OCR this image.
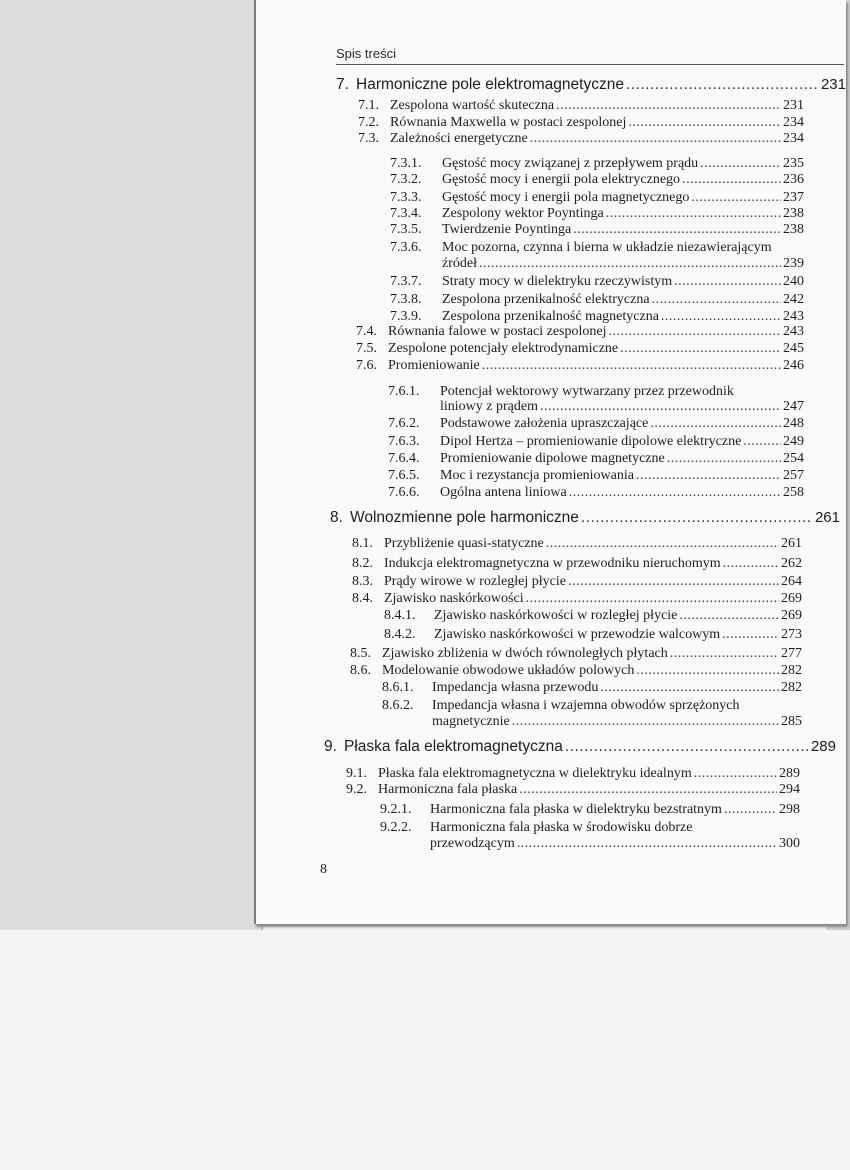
Spis treści
7. Harmoniczne pole elektromagnetyczne .....	231
7.1. Zespolona wartość skuteczna .....	231
7.2. Równania Maxwella w postaci zespolonej .....	234
7.3. Zależności energetyczne .....	234
7.3.1.	Gęstość mocy związanej z przepływem prądu .....	235
7.3.2.	Gęstość mocy i energii pola elektrycznego .....	236
7.3.3.	Gęstość mocy i energii pola magnetycznego .....	237
7.3.4.	Zespolony wektor Poyntinga .....	238
7.3.5.	Twierdzenie Poyntinga .....	238
7.3.6. Moc pozorna, czynna i bierna w układzie niezawierającym
źródeł .....	239
7.3.7.	Straty mocy w dielektryku rzeczywistym .....	240
7.3.8.	Zespolona przenikalność elektryczna .....	242
7.3.9.	Zespolona przenikalność magnetyczna .....	243
7.4. Równania falowe w postaci zespolonej .....	243
7.5. Zespolone potencjały elektrodynamiczne .....	245
7.6. Promieniowanie .....	246
7.6.1. Potencjał wektorowy wytwarzany przez przewodnik
liniowy z prądem .....	247
7.6.2.	Podstawowe założenia upraszczające .....	248
7.6.3.	Dipol Hertza – promieniowanie dipolowe elektryczne .....	249
7.6.4.	Promieniowanie dipolowe magnetyczne .....	254
7.6.5.	Moc i rezystancja promieniowania .....	257
7.6.6.	Ogólna antena liniowa .....	258
8. Wolnozmienne pole harmoniczne .....	261
8.1. Przybliżenie quasi-statyczne .....	261
8.2. Indukcja elektromagnetyczna w przewodniku nieruchomym .....	262
8.3. Prądy wirowe w rozległej płycie .....	264
8.4. Zjawisko naskórkowości .....	269
8.4.1.	Zjawisko naskórkowości w rozległej płycie .....	269
8.4.2.	Zjawisko naskórkowości w przewodzie walcowym .....	273
8.5. Zjawisko zbliżenia w dwóch równoległych płytach .....	277
8.6. Modelowanie obwodowe układów polowych .....	282
8.6.1.	Impedancja własna przewodu .....	282
8.6.2. Impedancja własna i wzajemna obwodów sprzężonych
magnetycznie .....	285
9. Płaska fala elektromagnetyczna .....	289
9.1. Płaska fala elektromagnetyczna w dielektryku idealnym .....	289
9.2. Harmoniczna fala płaska .....	294
9.2.1.	Harmoniczna fala płaska w dielektryku bezstratnym .....	298
9.2.2. Harmoniczna fala płaska w środowisku dobrze
przewodzącym .....	300
8
